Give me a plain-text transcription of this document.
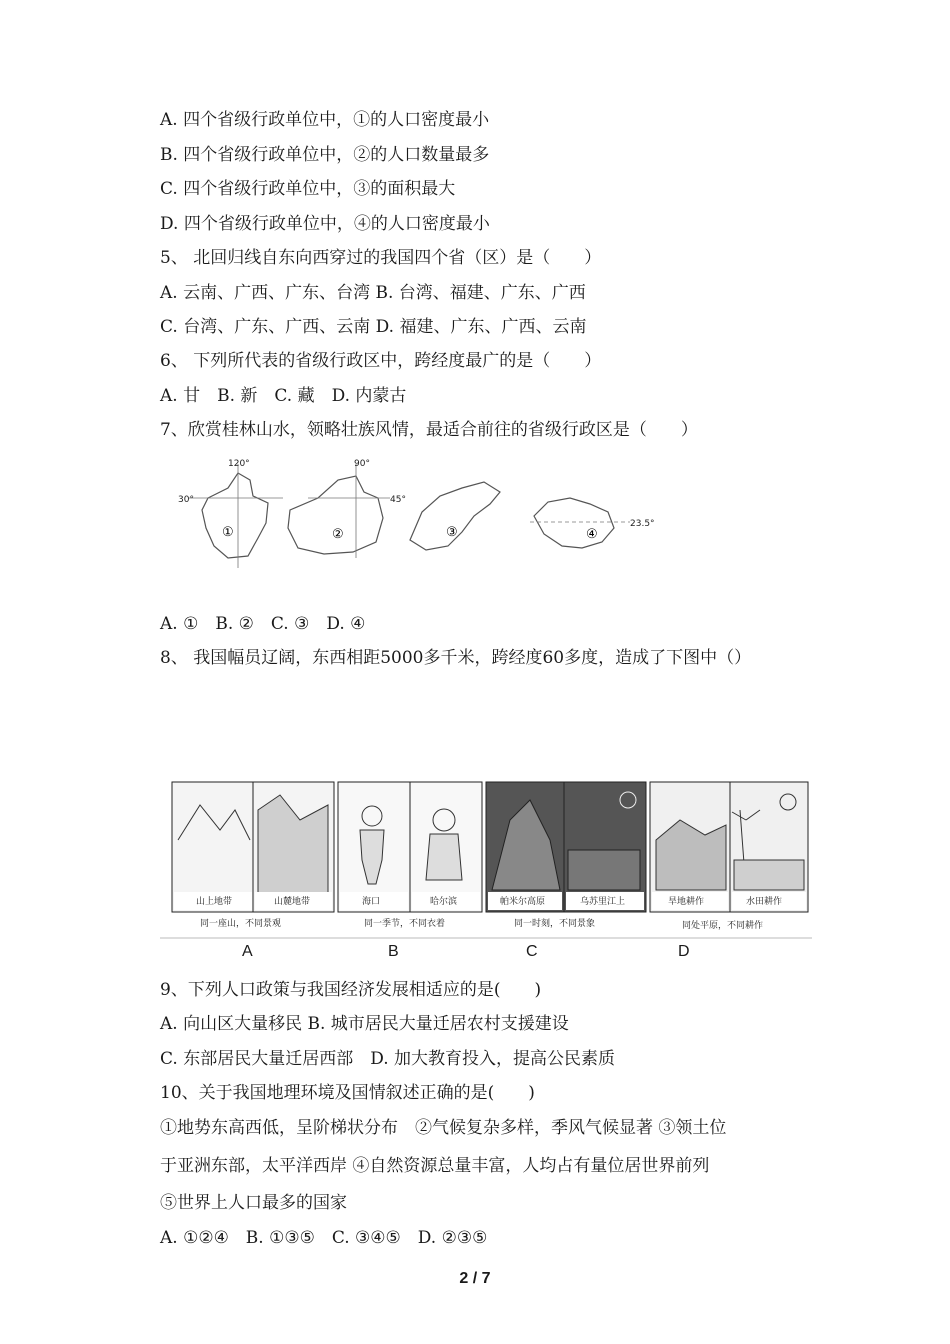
A. 四个省级行政单位中，①的人口密度最小
B. 四个省级行政单位中，②的人口数量最多
C. 四个省级行政单位中，③的面积最大
D. 四个省级行政单位中，④的人口密度最小
5、 北回归线自东向西穿过的我国四个省（区）是（　　）
A. 云南、广西、广东、台湾 B. 台湾、福建、广东、广西
C. 台湾、广东、广西、云南 D. 福建、广东、广西、云南
6、 下列所代表的省级行政区中，跨经度最广的是（　　）
A. 甘　B. 新　C. 藏　D. 内蒙古
7、欣赏桂林山水，领略壮族风情，最适合前往的省级行政区是（　　）
120°
30°
90°
45°
23.5°
①	②	③	④
A. ①　B. ②　C. ③　D. ④
8、 我国幅员辽阔，东西相距5000多千米，跨经度60多度，造成了下图中（）
山上地带	山麓地带
同一座山，不同景观
海口	哈尔滨
同一季节，不同衣着
帕米尔高原	乌苏里江上
同一时刻，不同景象
旱地耕作	水田耕作
同处平原，不同耕作
A	B	C	D
9、下列人口政策与我国经济发展相适应的是(　　)
A. 向山区大量移民 B. 城市居民大量迁居农村支援建设
C. 东部居民大量迁居西部　D. 加大教育投入，提高公民素质
10、关于我国地理环境及国情叙述正确的是(　　)
①地势东高西低，呈阶梯状分布　②气候复杂多样，季风气候显著 ③领土位
于亚洲东部，太平洋西岸 ④自然资源总量丰富，人均占有量位居世界前列
⑤世界上人口最多的国家
A. ①②④　B. ①③⑤　C. ③④⑤　D. ②③⑤
2 / 7
